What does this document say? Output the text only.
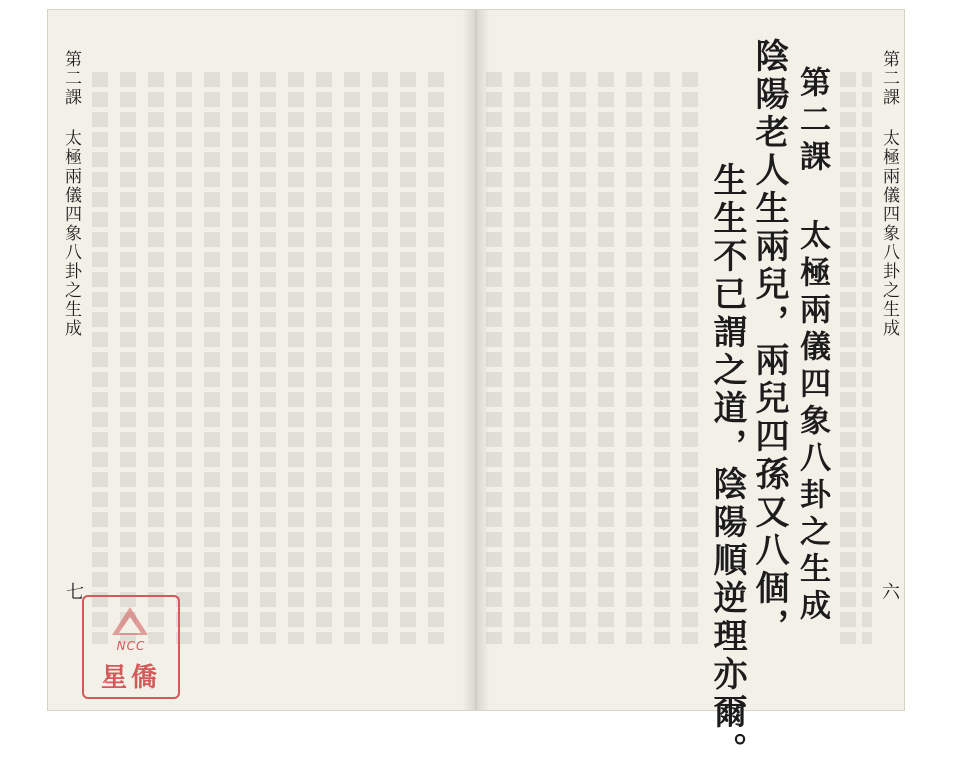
第二課 太極兩儀四象八卦之生成
七	生生不已謂之道，陰陽順逆理亦爾。 陰陽老人生兩兒，兩兒四孫又八個， 第二課 太極兩儀四象八卦之生成	第二課 太極兩儀四象八卦之生成
六
NCC
星僑
